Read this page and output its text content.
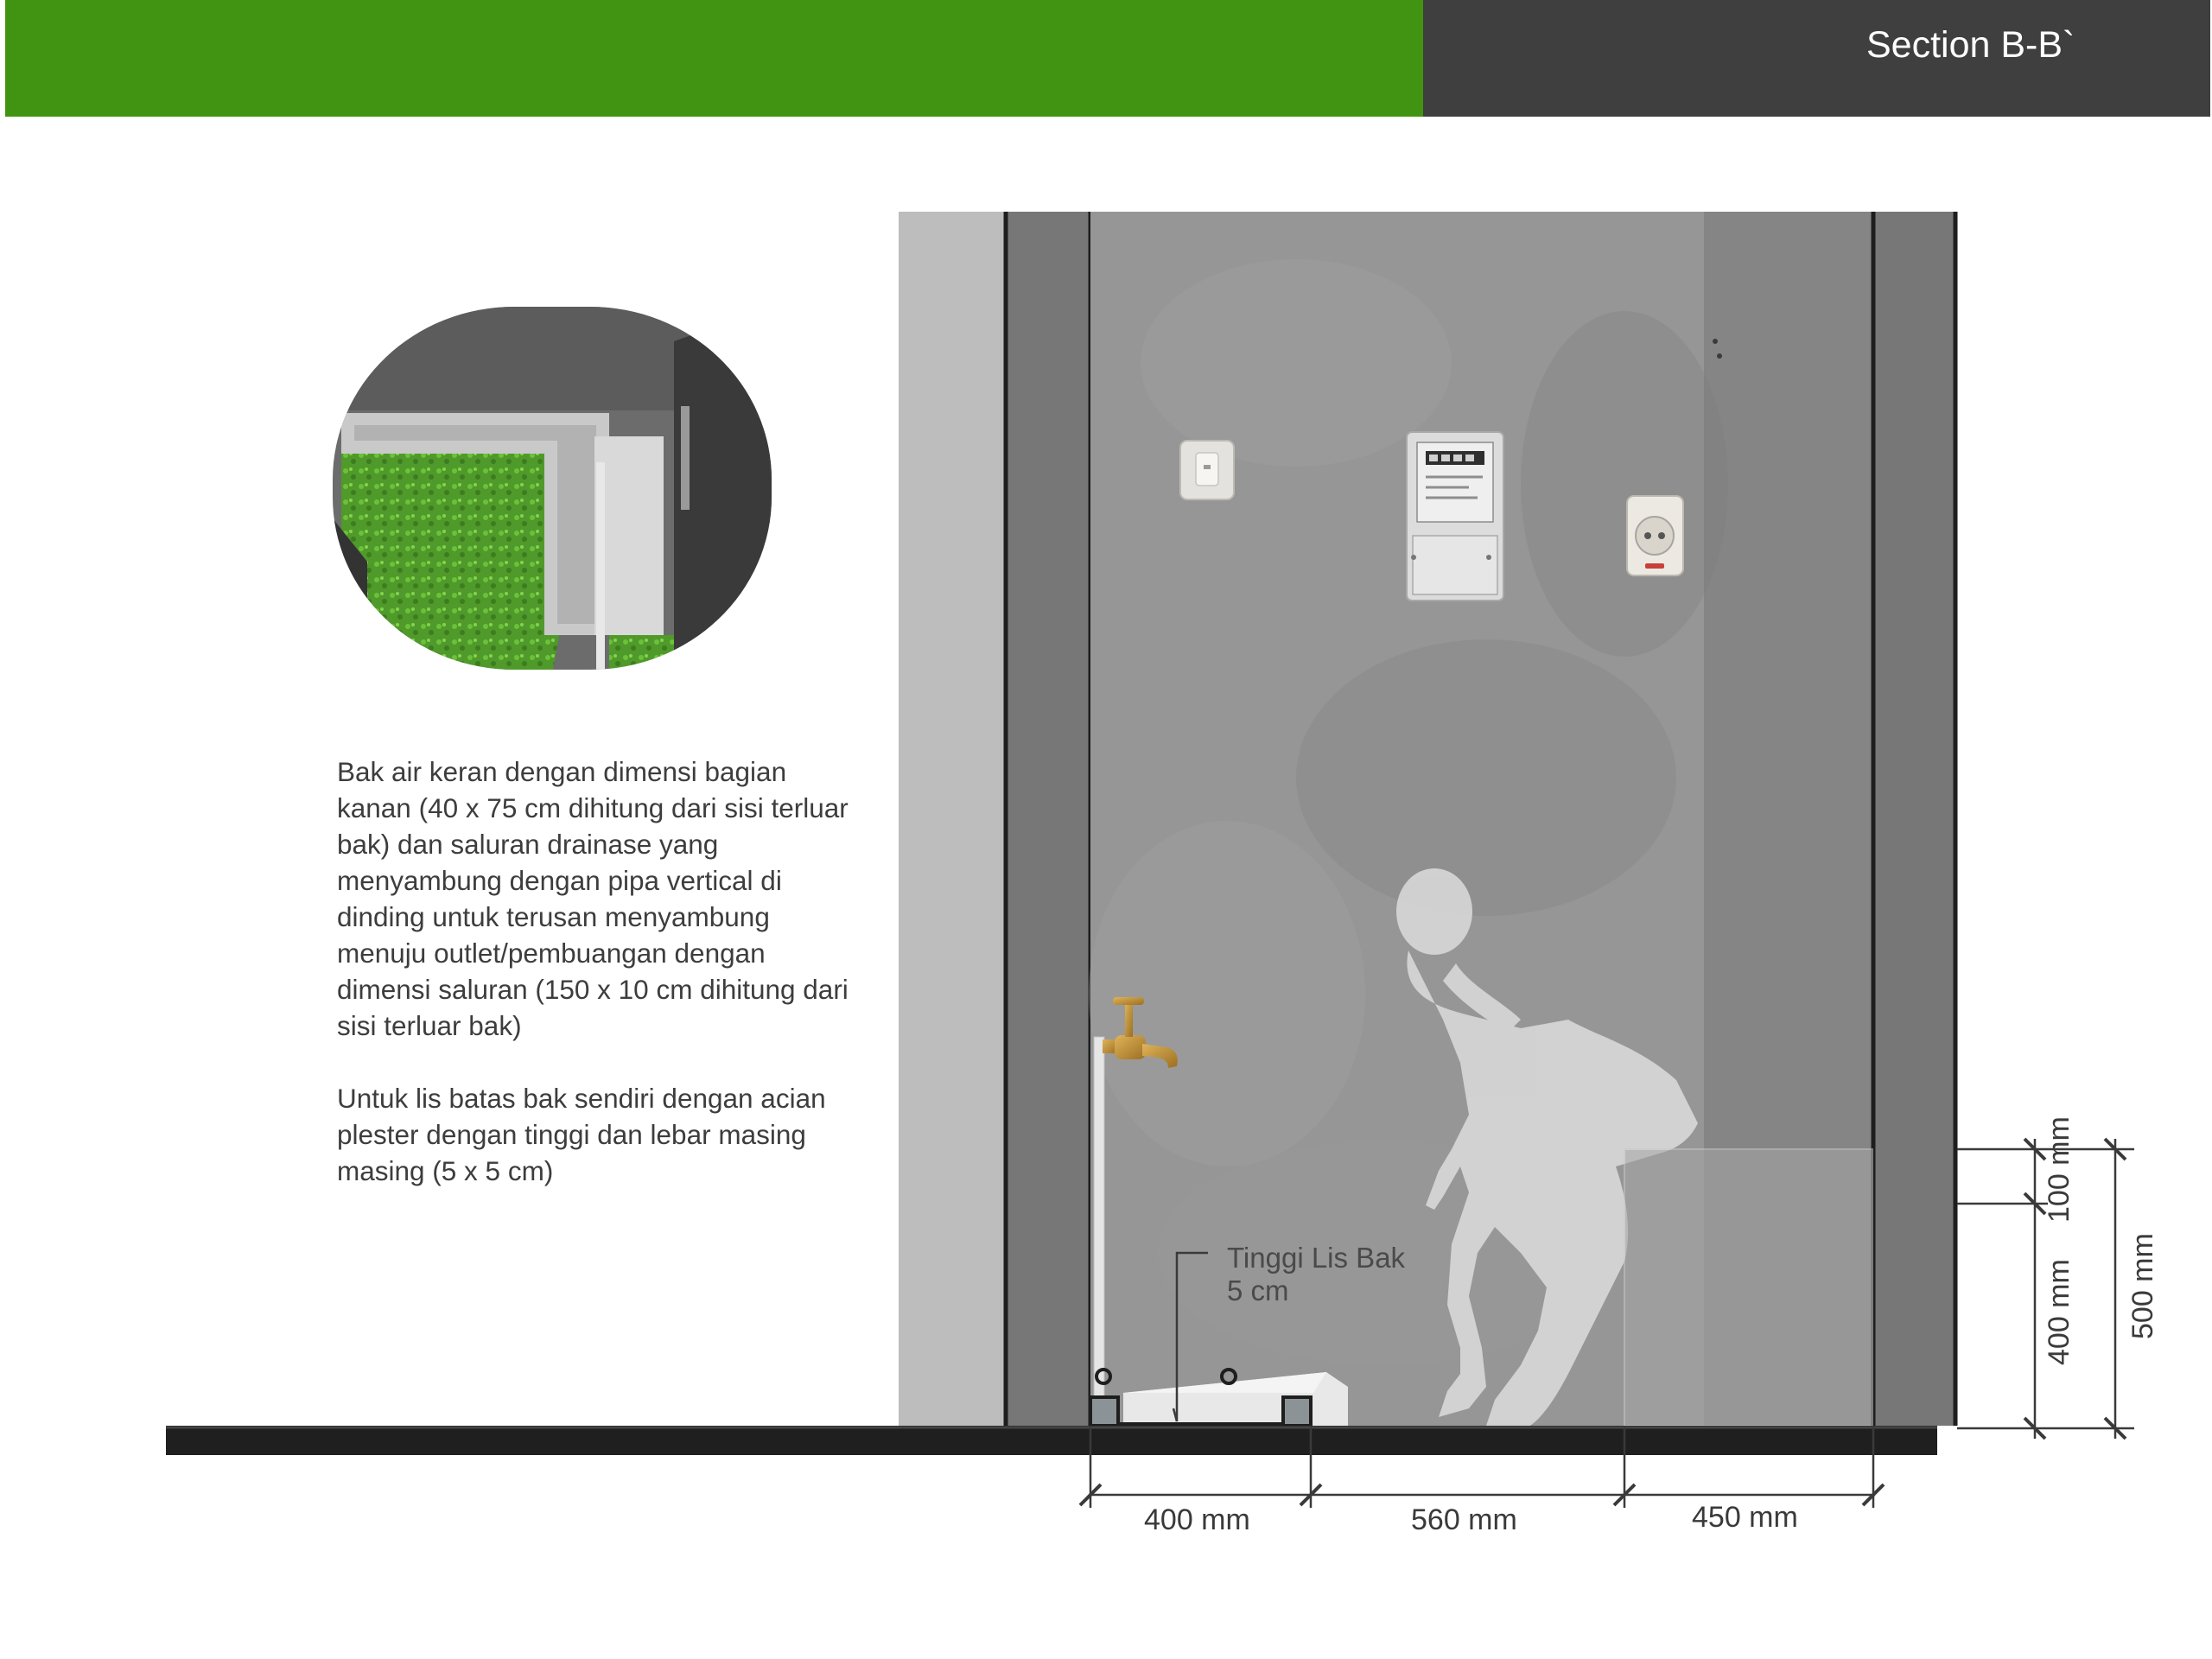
Section B-B`
Bak air keran dengan dimensi bagian kanan (40 x 75 cm dihitung dari sisi terluar bak) dan saluran drainase yang menyambung dengan pipa vertical di dinding untuk terusan menyambung menuju outlet/pembuangan dengan dimensi saluran (150 x 10 cm dihitung dari sisi terluar bak)
Untuk lis batas bak sendiri dengan acian plester dengan tinggi dan lebar masing masing (5 x 5 cm)
Tinggi Lis Bak
5 cm
400 mm	560 mm	450 mm
100 mm
400 mm 500 mm
